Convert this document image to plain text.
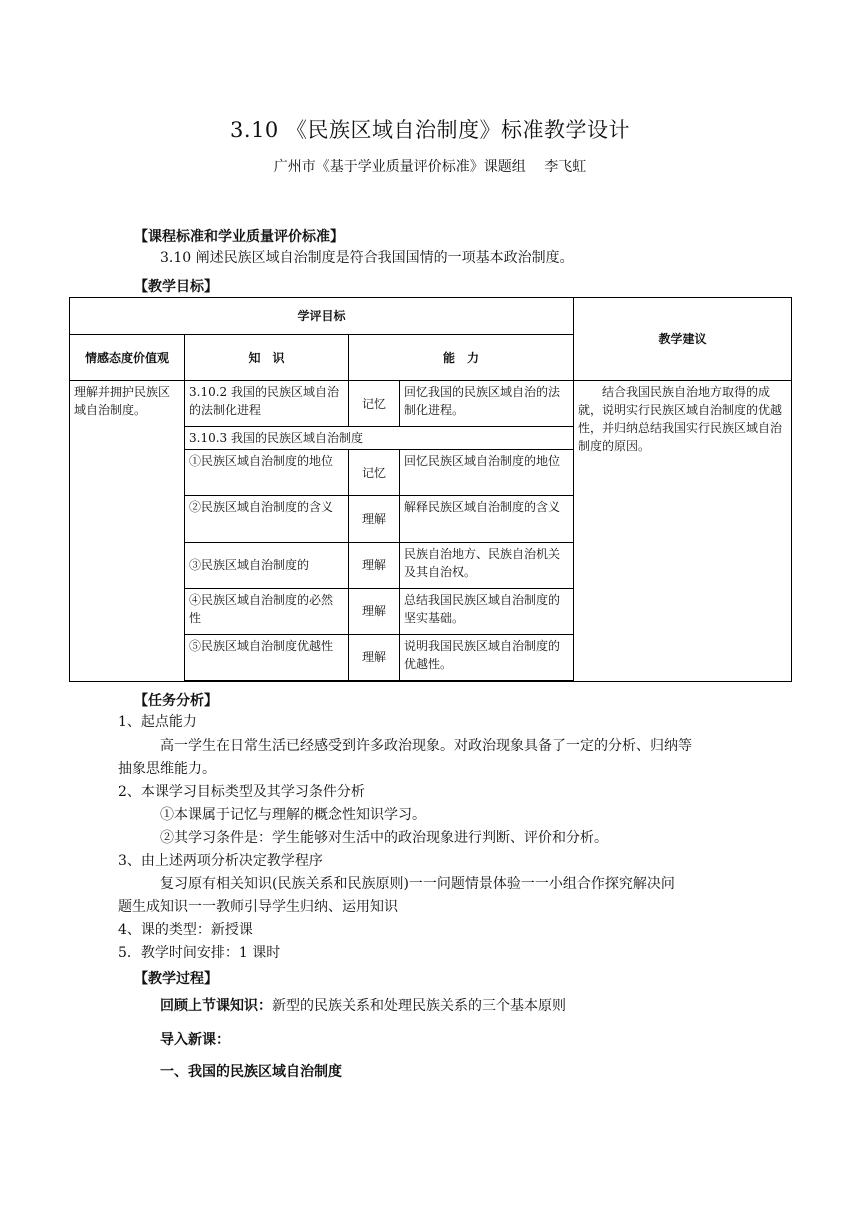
3.10 《民族区域自治制度》标准教学设计
广州市《基于学业质量评价标准》课题组　 李飞虹
【课程标准和学业质量评价标准】
3.10 阐述民族区域自治制度是符合我国国情的一项基本政治制度。
【教学目标】
学评目标				教学建议
情感态度价值观	知　识	能　力		
理解并拥护民族区域自治制度。	3.10.2 我国的民族区域自治的法制化进程	记忆	回忆我国的民族区域自治的法制化进程。	结合我国民族自治地方取得的成就，说明实行民族区域自治制度的优越性，并归纳总结我国实行民族区域自治制度的原因。
	3.10.3 我国的民族区域自治制度			
	①民族区域自治制度的地位	记忆	回忆民族区域自治制度的地位	
	②民族区域自治制度的含义	理解	解释民族区域自治制度的含义	
	③民族区域自治制度的	理解	民族自治地方、民族自治机关及其自治权。	
	④民族区域自治制度的必然性	理解	总结我国民族区域自治制度的坚实基础。	
	⑤民族区域自治制度优越性	理解	说明我国民族区域自治制度的优越性。	

【任务分析】
1、起点能力
高一学生在日常生活已经感受到许多政治现象。对政治现象具备了一定的分析、归纳等
抽象思维能力。
2、本课学习目标类型及其学习条件分析
①本课属于记忆与理解的概念性知识学习。
②其学习条件是：学生能够对生活中的政治现象进行判断、评价和分析。
3、由上述两项分析决定教学程序
复习原有相关知识(民族关系和民族原则)一一问题情景体验一一小组合作探究解决问
题生成知识一一教师引导学生归纳、运用知识
4、课的类型：新授课
5．教学时间安排：1 课时
【教学过程】
回顾上节课知识：新型的民族关系和处理民族关系的三个基本原则
导入新课：
一、我国的民族区域自治制度
